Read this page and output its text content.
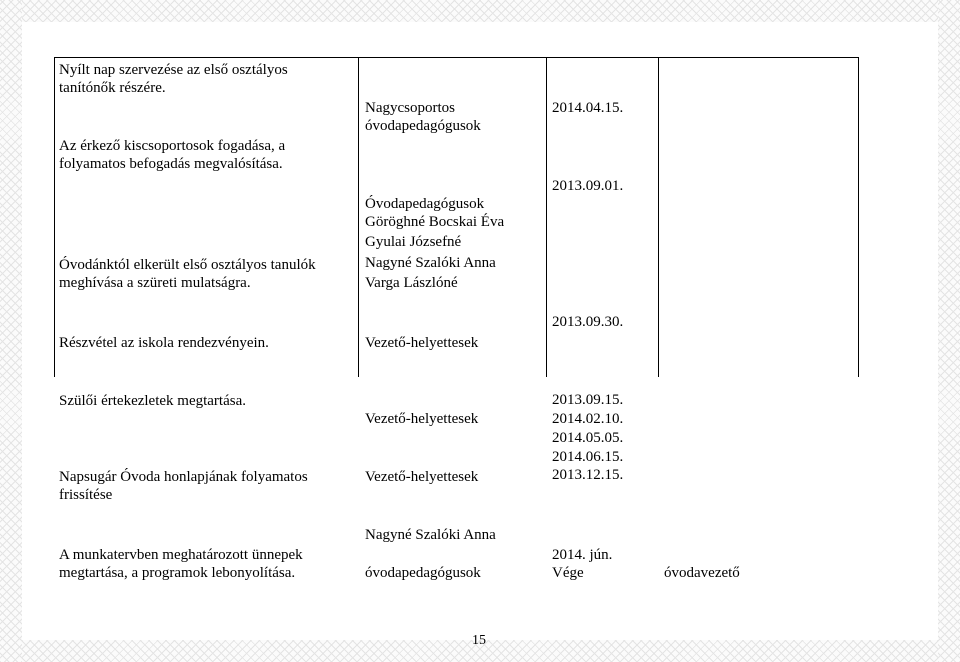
Nyílt nap szervezése az első osztályos
tanítónők részére.
Az érkező kiscsoportosok fogadása, a
folyamatos befogadás megvalósítása.
Óvodánktól elkerült első osztályos tanulók
meghívása a szüreti mulatságra.
Részvétel az iskola rendezvényein.
Szülői értekezletek megtartása.
Napsugár Óvoda honlapjának folyamatos
frissítése
A munkatervben meghatározott ünnepek
megtartása, a programok lebonyolítása.
Nagycsoportos
óvodapedagógusok
Óvodapedagógusok
Göröghné Bocskai Éva
Gyulai Józsefné
Nagyné Szalóki Anna
Varga Lászlóné
Vezető-helyettesek
Vezető-helyettesek
Vezető-helyettesek
Nagyné Szalóki Anna
óvodapedagógusok
2014.04.15.
2013.09.01.
2013.09.30.
2013.09.15.
2014.02.10.
2014.05.05.
2014.06.15.
2013.12.15.
2014. jún.
Vége	óvodavezető
15
